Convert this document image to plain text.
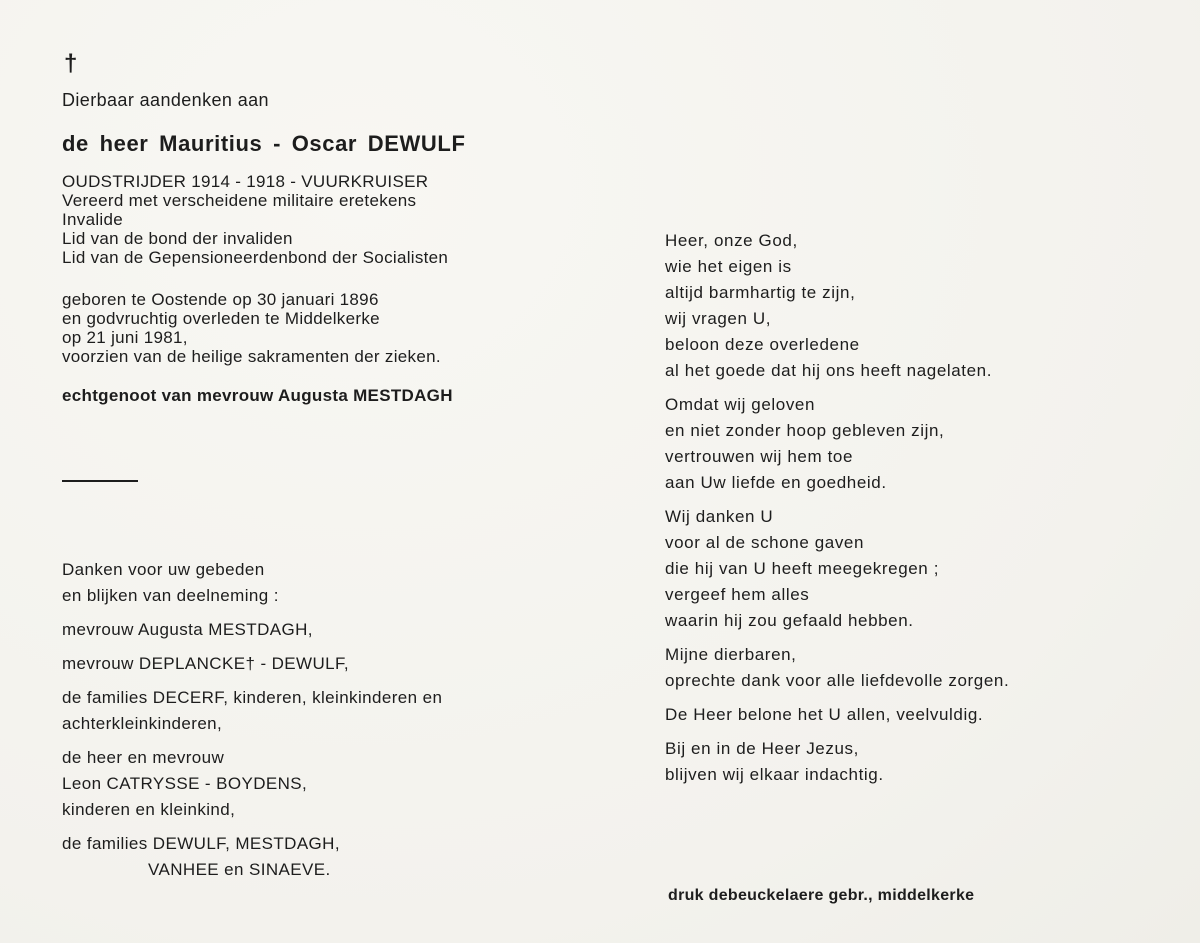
†
Dierbaar aandenken aan
de heer Mauritius - Oscar DEWULF
OUDSTRIJDER 1914 - 1918 - VUURKRUISER
Vereerd met verscheidene militaire eretekens
Invalide
Lid van de bond der invaliden
Lid van de Gepensioneerdenbond der Socialisten
geboren te Oostende op 30 januari 1896
en godvruchtig overleden te Middelkerke
op 21 juni 1981,
voorzien van de heilige sakramenten der zieken.
echtgenoot van mevrouw Augusta MESTDAGH
Danken voor uw gebeden
en blijken van deelneming :
mevrouw Augusta MESTDAGH,
mevrouw DEPLANCKE† - DEWULF,
de families DECERF, kinderen, kleinkinderen en
achterkleinkinderen,
de heer en mevrouw
Leon CATRYSSE - BOYDENS,
kinderen en kleinkind,
de families DEWULF, MESTDAGH,
VANHEE en SINAEVE.
Heer, onze God,
wie het eigen is
altijd barmhartig te zijn,
wij vragen U,
beloon deze overledene
al het goede dat hij ons heeft nagelaten.
Omdat wij geloven
en niet zonder hoop gebleven zijn,
vertrouwen wij hem toe
aan Uw liefde en goedheid.
Wij danken U
voor al de schone gaven
die hij van U heeft meegekregen ;
vergeef hem alles
waarin hij zou gefaald hebben.
Mijne dierbaren,
oprechte dank voor alle liefdevolle zorgen.
De Heer belone het U allen, veelvuldig.
Bij en in de Heer Jezus,
blijven wij elkaar indachtig.
druk debeuckelaere gebr., middelkerke
